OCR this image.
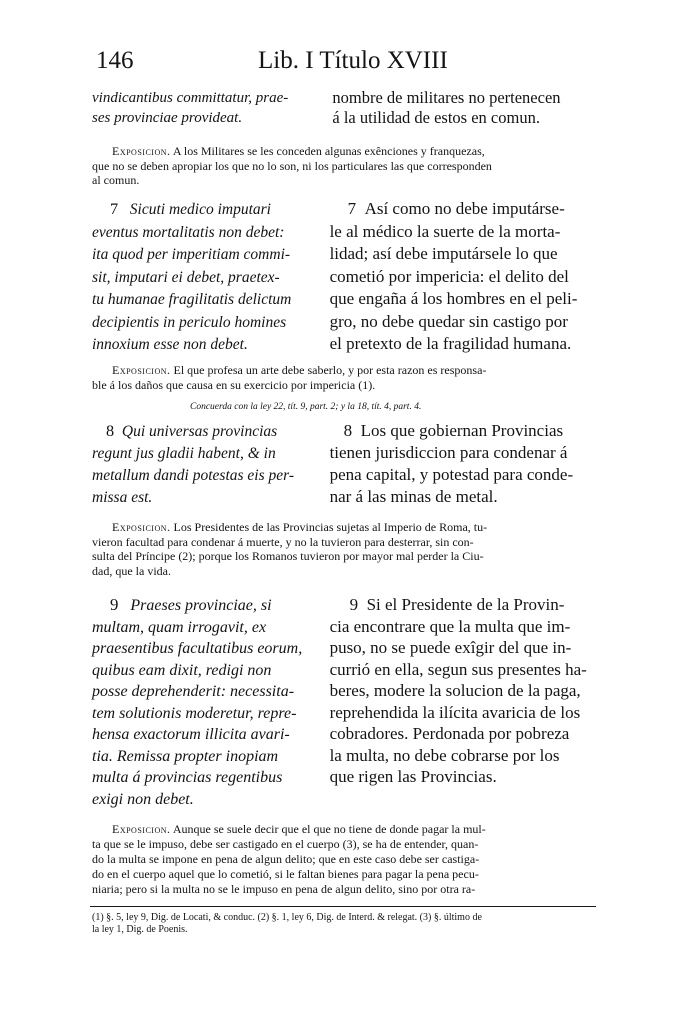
146	Lib. I Título XVIII

vindicantibus committatur, prae-

ses provinciae provideat.

nombre de militares no pertenecen

á la utilidad de estos en comun.

Exposicion. A los Militares se les conceden algunas exênciones y franquezas,

que no se deben apropiar los que no lo son, ni los particulares las que corresponden

al comun.

7 Sicuti medico imputari

eventus mortalitatis non debet:

ita quod per imperitiam commi-

sit, imputari ei debet, praetex-

tu humanae fragilitatis delictum

decipientis in periculo homines

innoxium esse non debet.

7 Así como no debe imputárse-

le al médico la suerte de la morta-

lidad; así debe imputársele lo que

cometió por impericia: el delito del

que engaña á los hombres en el peli-

gro, no debe quedar sin castigo por

el pretexto de la fragilidad humana.

Exposicion. El que profesa un arte debe saberlo, y por esta razon es responsa-

ble á los daños que causa en su exercicio por impericia (1).

Concuerda con la ley 22, tít. 9, part. 2; y la 18, tít. 4, part. 4.

8 Qui universas provincias

regunt jus gladii habent, & in

metallum dandi potestas eis per-

missa est.

8 Los que gobiernan Provincias

tienen jurisdiccion para condenar á

pena capital, y potestad para conde-

nar á las minas de metal.

Exposicion. Los Presidentes de las Provincias sujetas al Imperio de Roma, tu-

vieron facultad para condenar á muerte, y no la tuvieron para desterrar, sin con-

sulta del Príncipe (2); porque los Romanos tuvieron por mayor mal perder la Ciu-

dad, que la vida.

9 Praeses provinciae, si

multam, quam irrogavit, ex

praesentibus facultatibus eorum,

quibus eam dixit, redigi non

posse deprehenderit: necessita-

tem solutionis moderetur, repre-

hensa exactorum illicita avari-

tia. Remissa propter inopiam

multa á provincias regentibus

exigi non debet.

9 Si el Presidente de la Provin-

cia encontrare que la multa que im-

puso, no se puede exîgir del que in-

currió en ella, segun sus presentes ha-

beres, modere la solucion de la paga,

reprehendida la ilícita avaricia de los

cobradores. Perdonada por pobreza

la multa, no debe cobrarse por los

que rigen las Provincias.

Exposicion. Aunque se suele decir que el que no tiene de donde pagar la mul-

ta que se le impuso, debe ser castigado en el cuerpo (3), se ha de entender, quan-

do la multa se impone en pena de algun delito; que en este caso debe ser castiga-

do en el cuerpo aquel que lo cometió, si le faltan bienes para pagar la pena pecu-

niaria; pero si la multa no se le impuso en pena de algun delito, sino por otra ra-

(1) §. 5, ley 9, Dig. de Locati, & conduc. (2) §. 1, ley 6, Dig. de Interd. & relegat. (3) §. último de

la ley 1, Dig. de Poenis.
